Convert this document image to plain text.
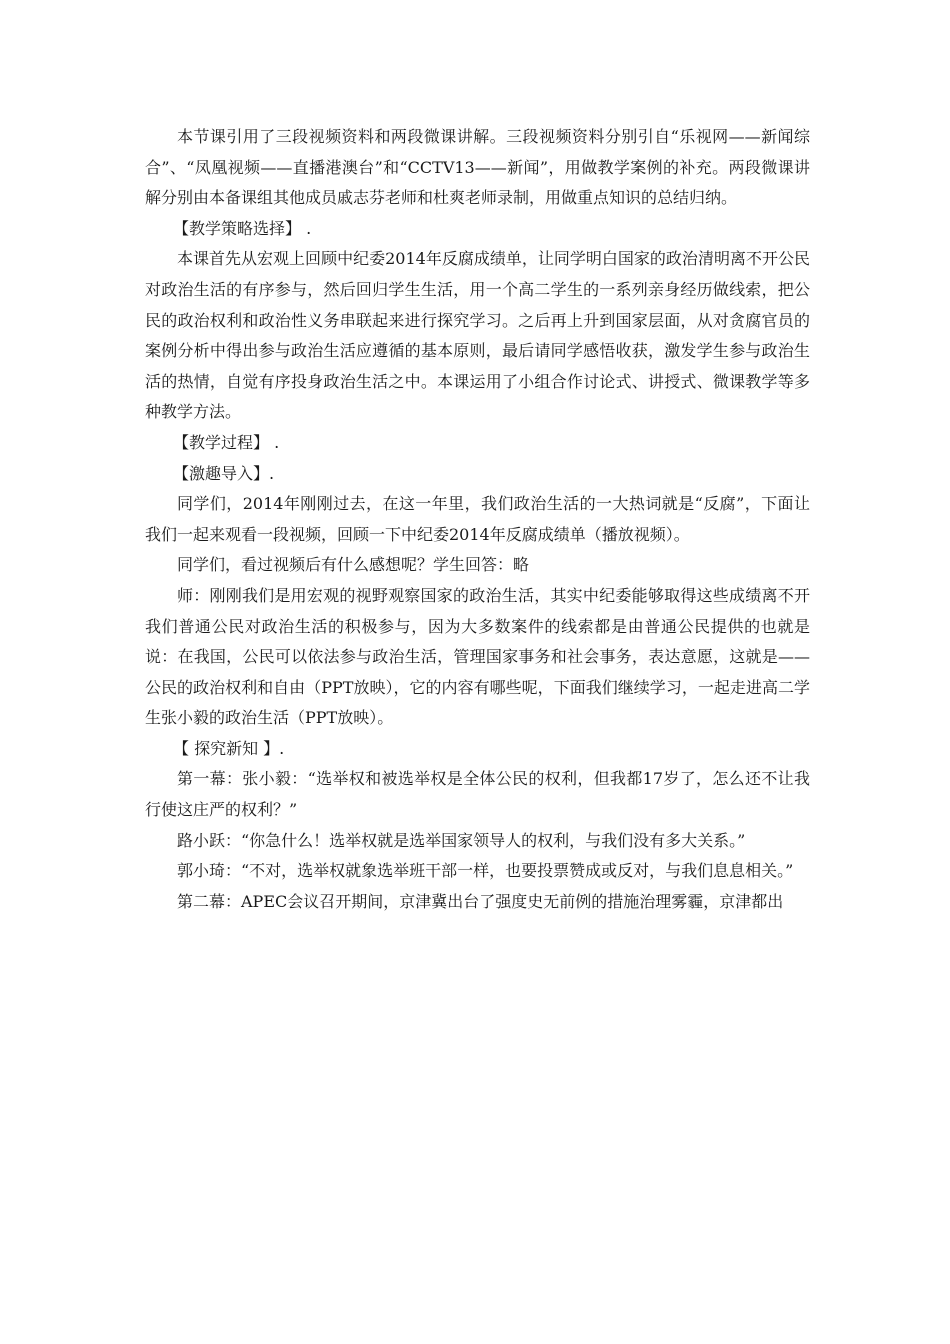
本节课引用了三段视频资料和两段微课讲解。三段视频资料分别引自“乐视网——新闻综合”、“凤凰视频——直播港澳台”和“CCTV13——新闻”，用做教学案例的补充。两段微课讲解分别由本备课组其他成员戚志芬老师和杜爽老师录制，用做重点知识的总结归纳。

【教学策略选择】 .

本课首先从宏观上回顾中纪委2014年反腐成绩单，让同学明白国家的政治清明离不开公民对政治生活的有序参与，然后回归学生生活，用一个高二学生的一系列亲身经历做线索，把公民的政治权利和政治性义务串联起来进行探究学习。之后再上升到国家层面，从对贪腐官员的案例分析中得出参与政治生活应遵循的基本原则，最后请同学感悟收获，激发学生参与政治生活的热情，自觉有序投身政治生活之中。本课运用了小组合作讨论式、讲授式、微课教学等多种教学方法。

【教学过程】 .

【激趣导入】.

同学们，2014年刚刚过去，在这一年里，我们政治生活的一大热词就是“反腐”，下面让我们一起来观看一段视频，回顾一下中纪委2014年反腐成绩单（播放视频）。

同学们，看过视频后有什么感想呢？学生回答：略

师：刚刚我们是用宏观的视野观察国家的政治生活，其实中纪委能够取得这些成绩离不开我们普通公民对政治生活的积极参与，因为大多数案件的线索都是由普通公民提供的也就是说：在我国，公民可以依法参与政治生活，管理国家事务和社会事务，表达意愿，这就是——公民的政治权利和自由（PPT放映），它的内容有哪些呢，下面我们继续学习，一起走进高二学生张小毅的政治生活（PPT放映）。

【 探究新知 】.

第一幕：张小毅：“选举权和被选举权是全体公民的权利，但我都17岁了，怎么还不让我行使这庄严的权利？”

路小跃：“你急什么！选举权就是选举国家领导人的权利，与我们没有多大关系。”

郭小琦：“不对，选举权就象选举班干部一样，也要投票赞成或反对，与我们息息相关。”

第二幕：APEC会议召开期间，京津冀出台了强度史无前例的措施治理雾霾，京津都出
